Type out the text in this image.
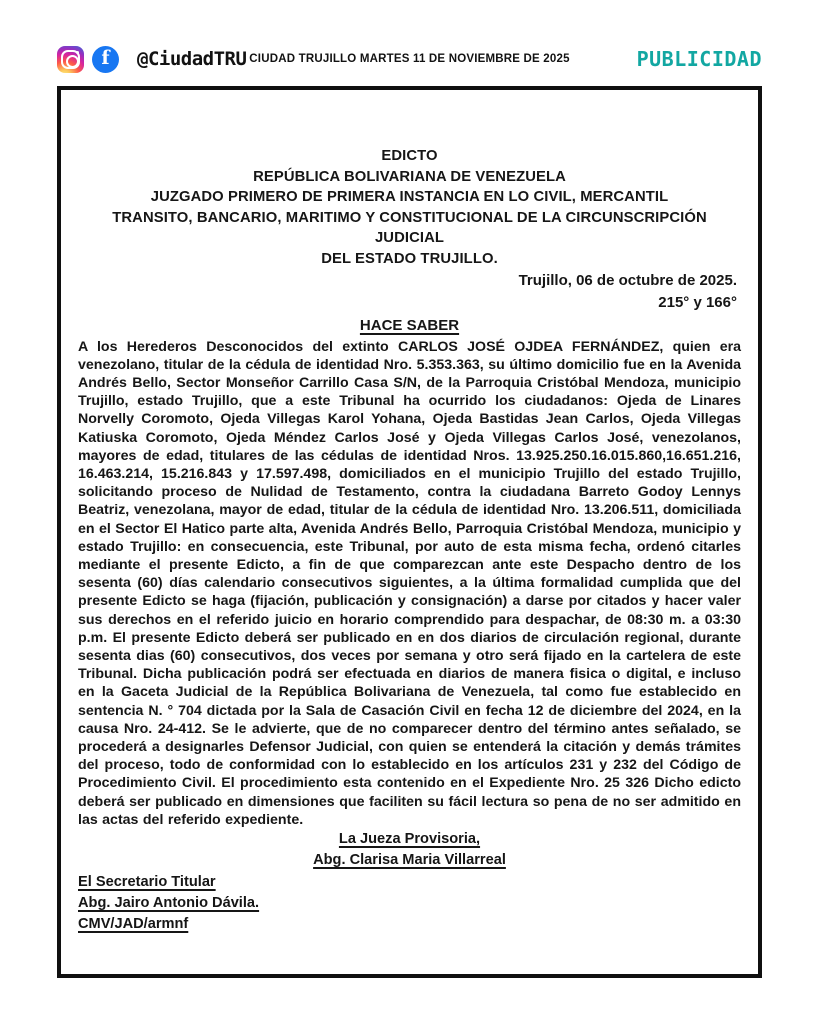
f	@CiudadTRU CIUDAD TRUJILLO MARTES 11 DE NOVIEMBRE DE 2025	PUBLICIDAD
EDICTO
REPÚBLICA BOLIVARIANA DE VENEZUELA
JUZGADO PRIMERO DE PRIMERA INSTANCIA EN LO CIVIL, MERCANTIL
TRANSITO, BANCARIO, MARITIMO Y CONSTITUCIONAL DE LA CIRCUNSCRIPCIÓN JUDICIAL
DEL ESTADO TRUJILLO.
Trujillo, 06 de octubre de 2025.
215° y 166°
HACE SABER

A los Herederos Desconocidos del extinto CARLOS JOSÉ OJDEA FERNÁNDEZ, quien era venezolano, titular de la cédula de identidad Nro. 5.353.363, su último domicilio fue en la Avenida Andrés Bello, Sector Monseñor Carrillo Casa S/N, de la Parroquia Cristóbal Mendoza, municipio Trujillo, estado Trujillo, que a este Tribunal ha ocurrido los ciudadanos: Ojeda de Linares Norvelly Coromoto, Ojeda Villegas Karol Yohana, Ojeda Bastidas Jean Carlos, Ojeda Villegas Katiuska Coromoto, Ojeda Méndez Carlos José y Ojeda Villegas Carlos José, venezolanos, mayores de edad, titulares de las cédulas de identidad Nros. 13.925.250.16.015.860,16.651.216, 16.463.214, 15.216.843 y 17.597.498, domiciliados en el municipio Trujillo del estado Trujillo, solicitando proceso de Nulidad de Testamento, contra la ciudadana Barreto Godoy Lennys Beatriz, venezolana, mayor de edad, titular de la cédula de identidad Nro. 13.206.511, domiciliada en el Sector El Hatico parte alta, Avenida Andrés Bello, Parroquia Cristóbal Mendoza, municipio y estado Trujillo: en consecuencia, este Tribunal, por auto de esta misma fecha, ordenó citarles mediante el presente Edicto, a fin de que comparezcan ante este Despacho dentro de los sesenta (60) días calendario consecutivos siguientes, a la última formalidad cumplida que del presente Edicto se haga (fijación, publicación y consignación) a darse por citados y hacer valer sus derechos en el referido juicio en horario comprendido para despachar, de 08:30 m. a 03:30 p.m. El presente Edicto deberá ser publicado en en dos diarios de circulación regional, durante sesenta dias (60) consecutivos, dos veces por semana y otro será fijado en la cartelera de este Tribunal. Dicha publicación podrá ser efectuada en diarios de manera fisica o digital, e incluso en la Gaceta Judicial de la República Bolivariana de Venezuela, tal como fue establecido en sentencia N. ° 704 dictada por la Sala de Casación Civil en fecha 12 de diciembre del 2024, en la causa Nro. 24-412. Se le advierte, que de no comparecer dentro del término antes señalado, se procederá a designarles Defensor Judicial, con quien se entenderá la citación y demás trámites del proceso, todo de conformidad con lo establecido en los artículos 231 y 232 del Código de Procedimiento Civil. El procedimiento esta contenido en el Expediente Nro. 25 326 Dicho edicto deberá ser publicado en dimensiones que faciliten su fácil lectura so pena de no ser admitido en las actas del referido expediente.

La Jueza Provisoria,
Abg. Clarisa Maria Villarreal
El Secretario Titular
Abg. Jairo Antonio Dávila.
CMV/JAD/armnf
